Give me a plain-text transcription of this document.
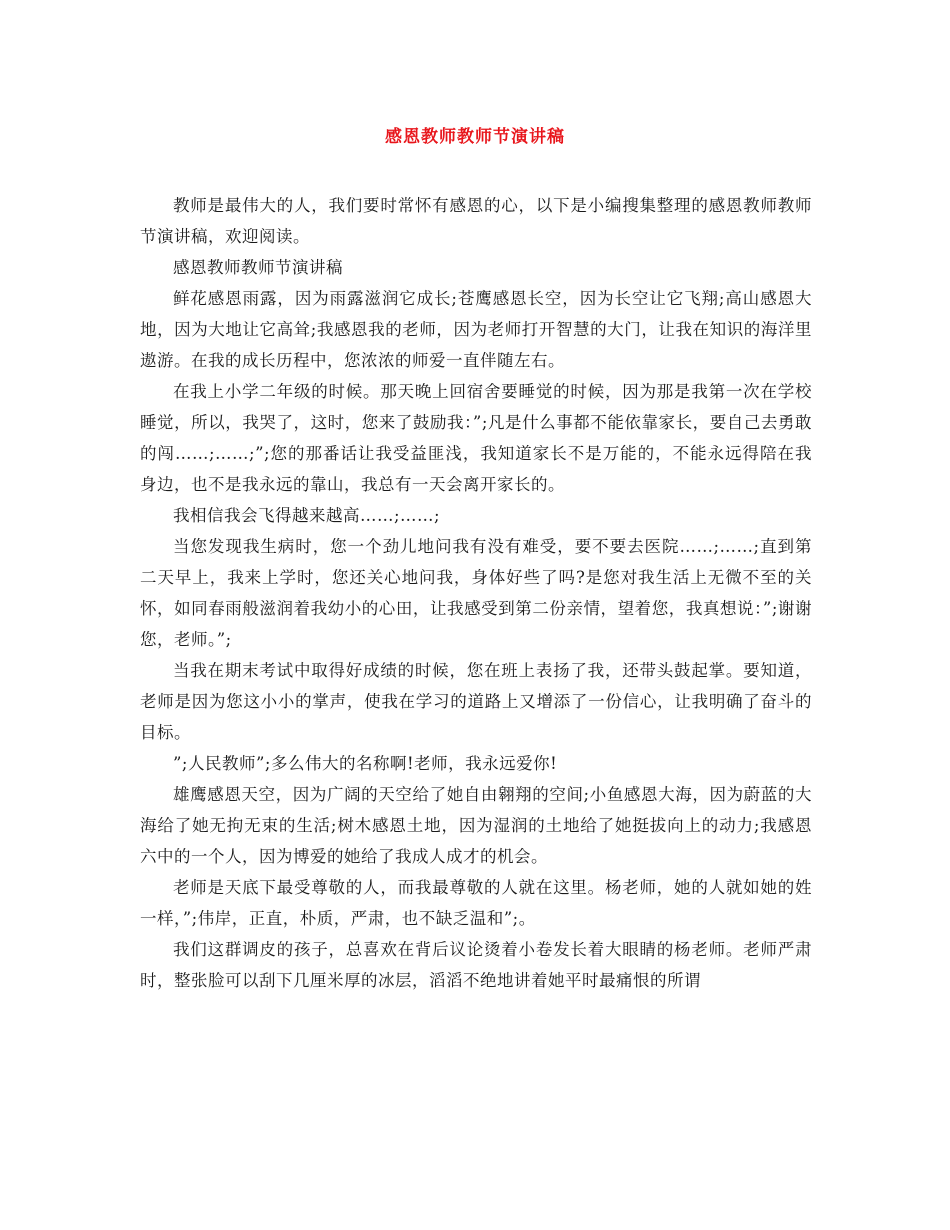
感恩教师教师节演讲稿

教师是最伟大的人，我们要时常怀有感恩的心，以下是小编搜集整理的感恩教师教师节演讲稿，欢迎阅读。

感恩教师教师节演讲稿

鲜花感恩雨露，因为雨露滋润它成长;苍鹰感恩长空，因为长空让它飞翔;高山感恩大地，因为大地让它高耸;我感恩我的老师，因为老师打开智慧的大门，让我在知识的海洋里遨游。在我的成长历程中，您浓浓的师爱一直伴随左右。

在我上小学二年级的时候。那天晚上回宿舍要睡觉的时候，因为那是我第一次在学校睡觉，所以，我哭了，这时，您来了鼓励我：”;凡是什么事都不能依靠家长，要自己去勇敢的闯……;……;”;您的那番话让我受益匪浅，我知道家长不是万能的，不能永远得陪在我身边，也不是我永远的靠山，我总有一天会离开家长的。

我相信我会飞得越来越高……;……;

当您发现我生病时，您一个劲儿地问我有没有难受，要不要去医院……;……;直到第二天早上，我来上学时，您还关心地问我，身体好些了吗?是您对我生活上无微不至的关怀，如同春雨般滋润着我幼小的心田，让我感受到第二份亲情，望着您，我真想说：”;谢谢您，老师。”;

当我在期末考试中取得好成绩的时候，您在班上表扬了我，还带头鼓起掌。要知道，老师是因为您这小小的掌声，使我在学习的道路上又增添了一份信心，让我明确了奋斗的目标。

”;人民教师”;多么伟大的名称啊!老师，我永远爱你!

雄鹰感恩天空，因为广阔的天空给了她自由翱翔的空间;小鱼感恩大海，因为蔚蓝的大海给了她无拘无束的生活;树木感恩土地，因为湿润的土地给了她挺拔向上的动力;我感恩六中的一个人，因为博爱的她给了我成人成才的机会。

老师是天底下最受尊敬的人，而我最尊敬的人就在这里。杨老师，她的人就如她的姓一样，”;伟岸，正直，朴质，严肃，也不缺乏温和”;。

我们这群调皮的孩子，总喜欢在背后议论烫着小卷发长着大眼睛的杨老师。老师严肃时，整张脸可以刮下几厘米厚的冰层，滔滔不绝地讲着她平时最痛恨的所谓
